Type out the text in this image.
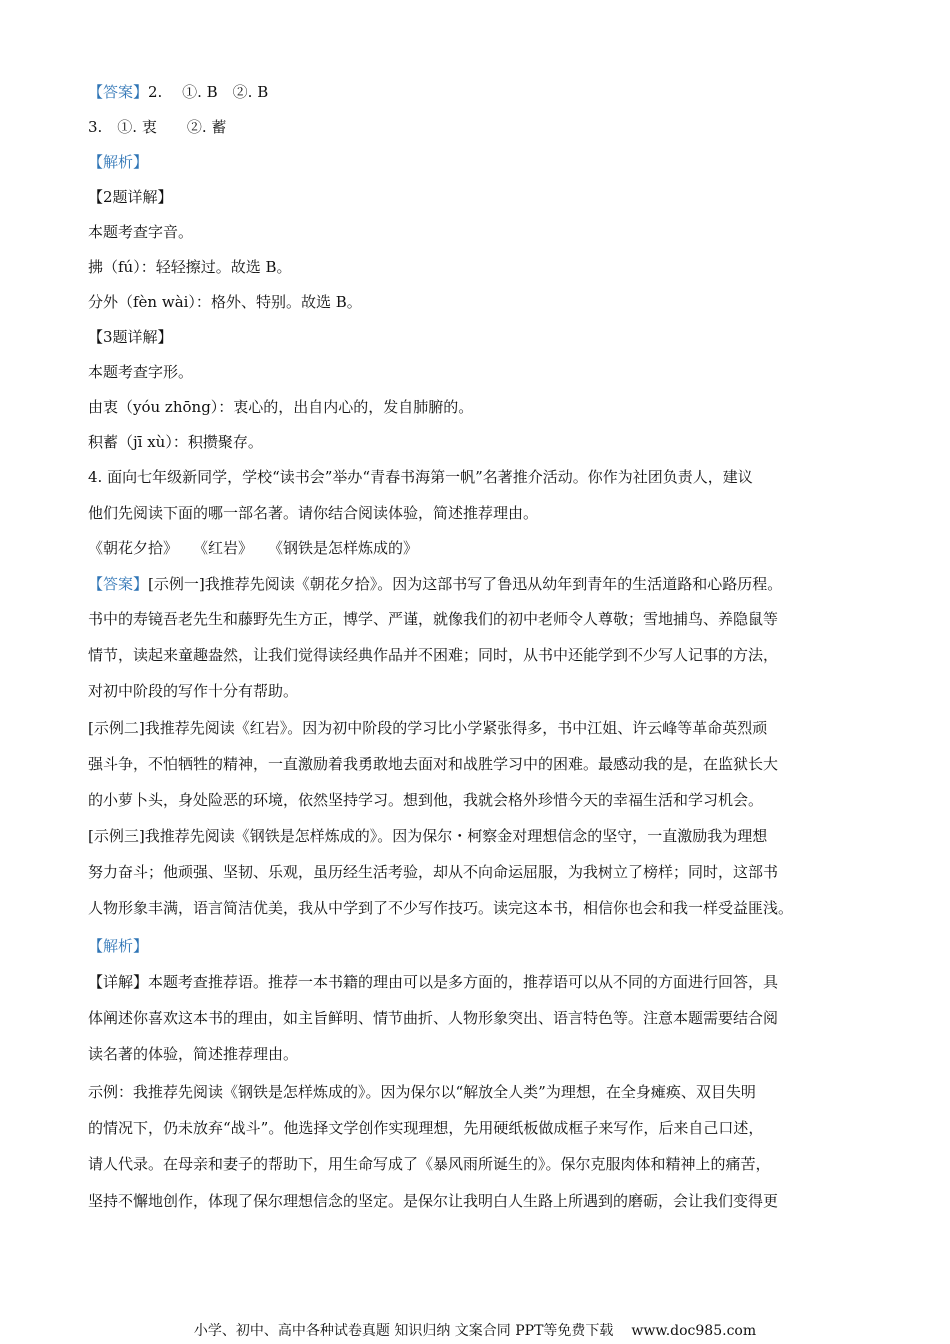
【答案】2.　 ①. B　②. B
3.　①. 衷　　②. 蓄
【解析】
【2题详解】
本题考查字音。
拂（fú）：轻轻擦过。故选 B。
分外（fèn wài）：格外、特别。故选 B。
【3题详解】
本题考查字形。
由衷（yóu zhōng）：衷心的，出自内心的，发自肺腑的。
积蓄（jī xù）：积攒聚存。
4. 面向七年级新同学，学校“读书会”举办“青春书海第一帆”名著推介活动。你作为社团负责人，建议
他们先阅读下面的哪一部名著。请你结合阅读体验，简述推荐理由。
《朝花夕拾》　　《红岩》　　《钢铁是怎样炼成的》
【答案】[示例一]我推荐先阅读《朝花夕拾》。因为这部书写了鲁迅从幼年到青年的生活道路和心路历程。
书中的寿镜吾老先生和藤野先生方正，博学、严谨，就像我们的初中老师令人尊敬；雪地捕鸟、养隐鼠等
情节，读起来童趣盎然，让我们觉得读经典作品并不困难；同时，从书中还能学到不少写人记事的方法，
对初中阶段的写作十分有帮助。
[示例二]我推荐先阅读《红岩》。因为初中阶段的学习比小学紧张得多，书中江姐、许云峰等革命英烈顽
强斗争，不怕牺牲的精神，一直激励着我勇敢地去面对和战胜学习中的困难。最感动我的是，在监狱长大
的小萝卜头，身处险恶的环境，依然坚持学习。想到他，我就会格外珍惜今天的幸福生活和学习机会。
[示例三]我推荐先阅读《钢铁是怎样炼成的》。因为保尔・柯察金对理想信念的坚守，一直激励我为理想
努力奋斗；他顽强、坚韧、乐观，虽历经生活考验，却从不向命运屈服，为我树立了榜样；同时，这部书
人物形象丰满，语言简洁优美，我从中学到了不少写作技巧。读完这本书，相信你也会和我一样受益匪浅。
【解析】
【详解】本题考查推荐语。推荐一本书籍的理由可以是多方面的，推荐语可以从不同的方面进行回答，具
体阐述你喜欢这本书的理由，如主旨鲜明、情节曲折、人物形象突出、语言特色等。注意本题需要结合阅
读名著的体验，简述推荐理由。
示例：我推荐先阅读《钢铁是怎样炼成的》。因为保尔以“解放全人类”为理想，在全身瘫痪、双目失明
的情况下，仍未放弃“战斗”。他选择文学创作实现理想，先用硬纸板做成框子来写作，后来自己口述，
请人代录。在母亲和妻子的帮助下，用生命写成了《暴风雨所诞生的》。保尔克服肉体和精神上的痛苦，
坚持不懈地创作，体现了保尔理想信念的坚定。是保尔让我明白人生路上所遇到的磨砺，会让我们变得更
小学、初中、高中各种试卷真题 知识归纳 文案合同 PPT等免费下载 www.doc985.com
